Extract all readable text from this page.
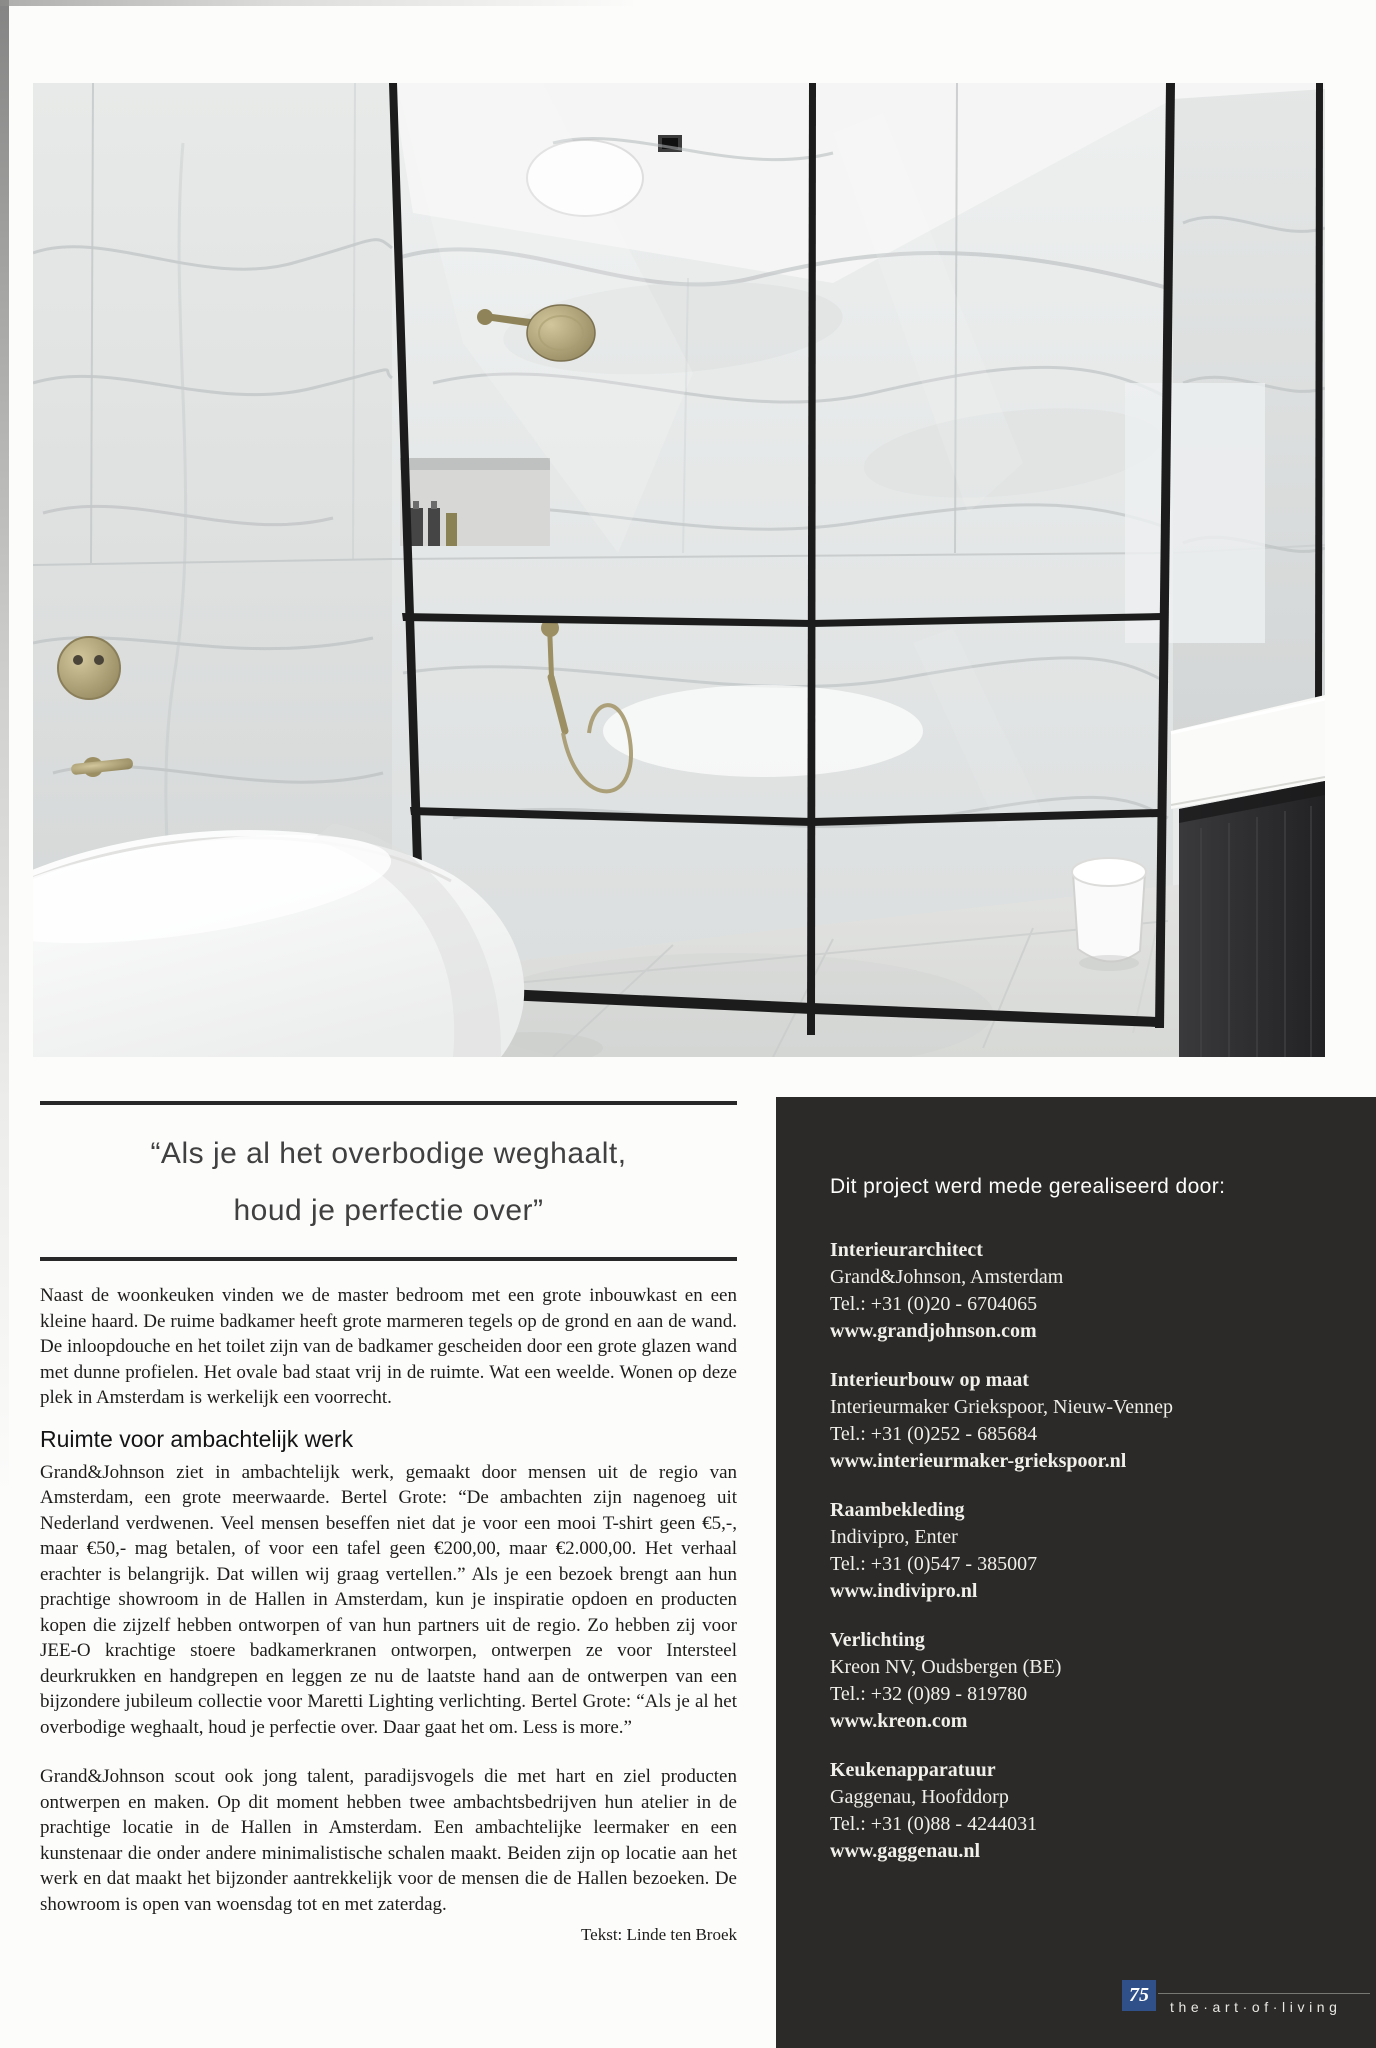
“Als je al het overbodige weghaalt,
houd je perfectie over”

Naast de woonkeuken vinden we de master bedroom met een grote inbouwkast en een kleine haard. De ruime badkamer heeft grote marmeren tegels op de grond en aan de wand. De inloopdouche en het toilet zijn van de badkamer gescheiden door een grote glazen wand met dunne profielen. Het ovale bad staat vrij in de ruimte. Wat een weelde. Wonen op deze plek in Amsterdam is werkelijk een voorrecht.

Ruimte voor ambachtelijk werk

Grand&Johnson ziet in ambachtelijk werk, gemaakt door mensen uit de regio van Amsterdam, een grote meerwaarde. Bertel Grote: “De ambachten zijn nagenoeg uit Nederland verdwenen. Veel mensen beseffen niet dat je voor een mooi T-shirt geen €5,-, maar €50,- mag betalen, of voor een tafel geen €200,00, maar €2.000,00. Het verhaal erachter is belangrijk. Dat willen wij graag vertellen.” Als je een bezoek brengt aan hun prachtige showroom in de Hallen in Amsterdam, kun je inspiratie opdoen en producten kopen die zijzelf hebben ontworpen of van hun partners uit de regio. Zo hebben zij voor JEE-O krachtige stoere badkamerkranen ontworpen, ontwerpen ze voor Intersteel deurkrukken en handgrepen en leggen ze nu de laatste hand aan de ontwerpen van een bijzondere jubileum collectie voor Maretti Lighting verlichting. Bertel Grote: “Als je al het overbodige weghaalt, houd je perfectie over. Daar gaat het om. Less is more.”

Grand&Johnson scout ook jong talent, paradijsvogels die met hart en ziel producten ontwerpen en maken. Op dit moment hebben twee ambachtsbedrijven hun atelier in de prachtige locatie in de Hallen in Amsterdam. Een ambachtelijke leermaker en een kunstenaar die onder andere minimalistische schalen maakt. Beiden zijn op locatie aan het werk en dat maakt het bijzonder aantrekkelijk voor de mensen die de Hallen bezoeken. De showroom is open van woensdag tot en met zaterdag.

Tekst: Linde ten Broek

Dit project werd mede gerealiseerd door:

Interieurarchitect
Grand&Johnson, Amsterdam
Tel.: +31 (0)20 - 6704065
www.grandjohnson.com
Interieurbouw op maat
Interieurmaker Griekspoor, Nieuw-Vennep
Tel.: +31 (0)252 - 685684
www.interieurmaker-griekspoor.nl
Raambekleding
Indivipro, Enter
Tel.: +31 (0)547 - 385007
www.indivipro.nl
Verlichting
Kreon NV, Oudsbergen (BE)
Tel.: +32 (0)89 - 819780
www.kreon.com
Keukenapparatuur
Gaggenau, Hoofddorp
Tel.: +31 (0)88 - 4244031
www.gaggenau.nl
75
the·art·of·living
